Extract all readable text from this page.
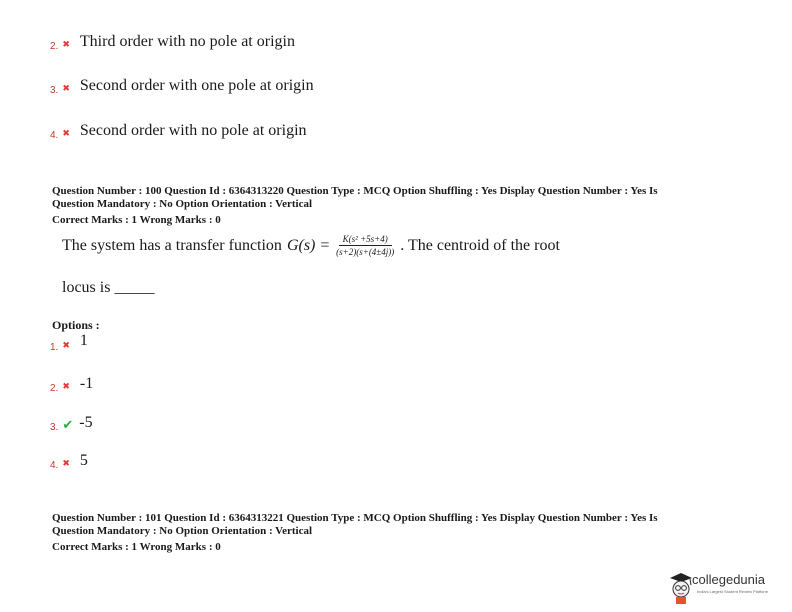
2. ✖ Third order with no pole at origin
3. ✖ Second order with one pole at origin
4. ✖ Second order with no pole at origin
Question Number : 100 Question Id : 6364313220 Question Type : MCQ Option Shuffling : Yes Display Question Number : Yes Is
Question Mandatory : No Option Orientation : Vertical
Correct Marks : 1 Wrong Marks : 0
The system has a transfer function $G(s) = \frac{\text{K(s² +5s+4)}}{(s+2)(s+(4\pm 4j))}$ . The centroid of the root
locus is _____
Options :
1. ✖ 1
2. ✖ -1
3. ✔ -5
4. ✖ 5
Question Number : 101 Question Id : 6364313221 Question Type : MCQ Option Shuffling : Yes Display Question Number : Yes Is
Question Mandatory : No Option Orientation : Vertical
Correct Marks : 1 Wrong Marks : 0
collegedunia
India's Largest Student Review Platform
